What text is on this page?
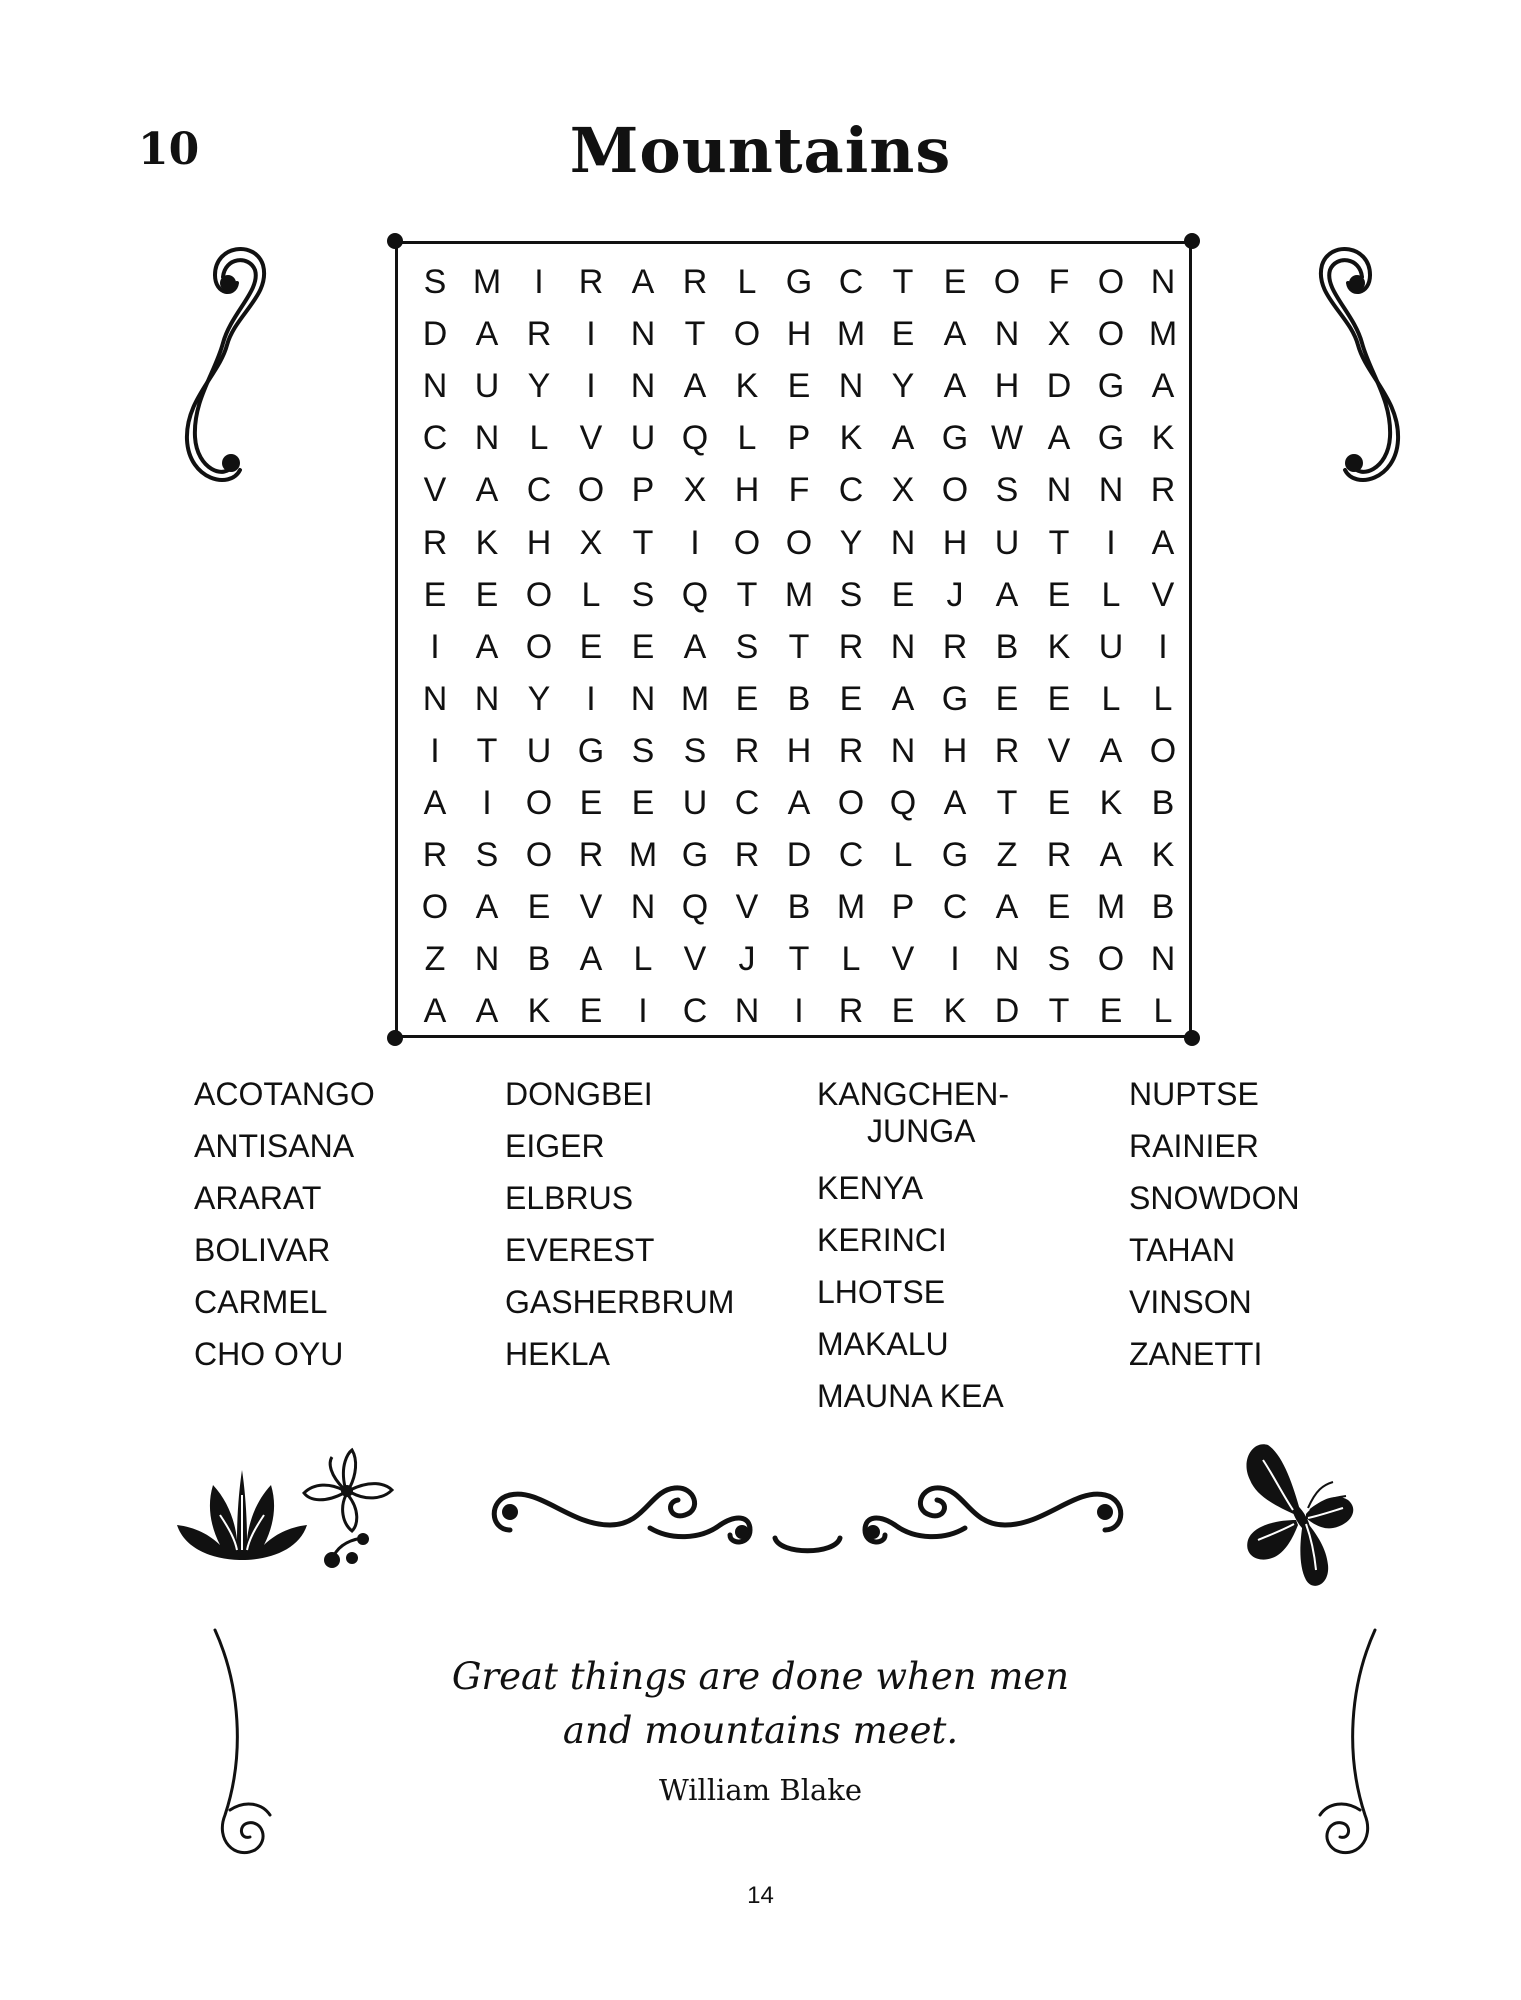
10	Mountains
S M I	R A R L G C T E O F O N
D A R	I	N T O H M E A N X O M
N U Y	I	N A K E N Y A H D G A
C N L V U Q L P K A G W A G K
V A C O P X H F C X O S N N R
R K H X T	I	O O Y N H U T	I	A
E E O L S Q T M S E J A E L V
I	A O E E A S T R N R B K U	I
N N Y	I	N M E B E A G E E L L
I	T U G S S R H R N H R V A O
A	I	O E E U C A O Q A T E K B
R S O R M G R D C L G Z R A K
O A E V N Q V B M P C A E M B
Z N B A L V J T L V	I	N S O N
A A K E	I	C N	I	R E K D T E L
ACOTANGO
ANTISANA
ARARAT
BOLIVAR
CARMEL
CHO OYU
DONGBEI
EIGER
ELBRUS
EVEREST
GASHERBRUM
HEKLA
KANGCHEN-
JUNGA
KENYA
KERINCI
LHOTSE
MAKALU
MAUNA KEA
NUPTSE
RAINIER
SNOWDON
TAHAN
VINSON
ZANETTI
Great things are done when men
and mountains meet.
William Blake
14
